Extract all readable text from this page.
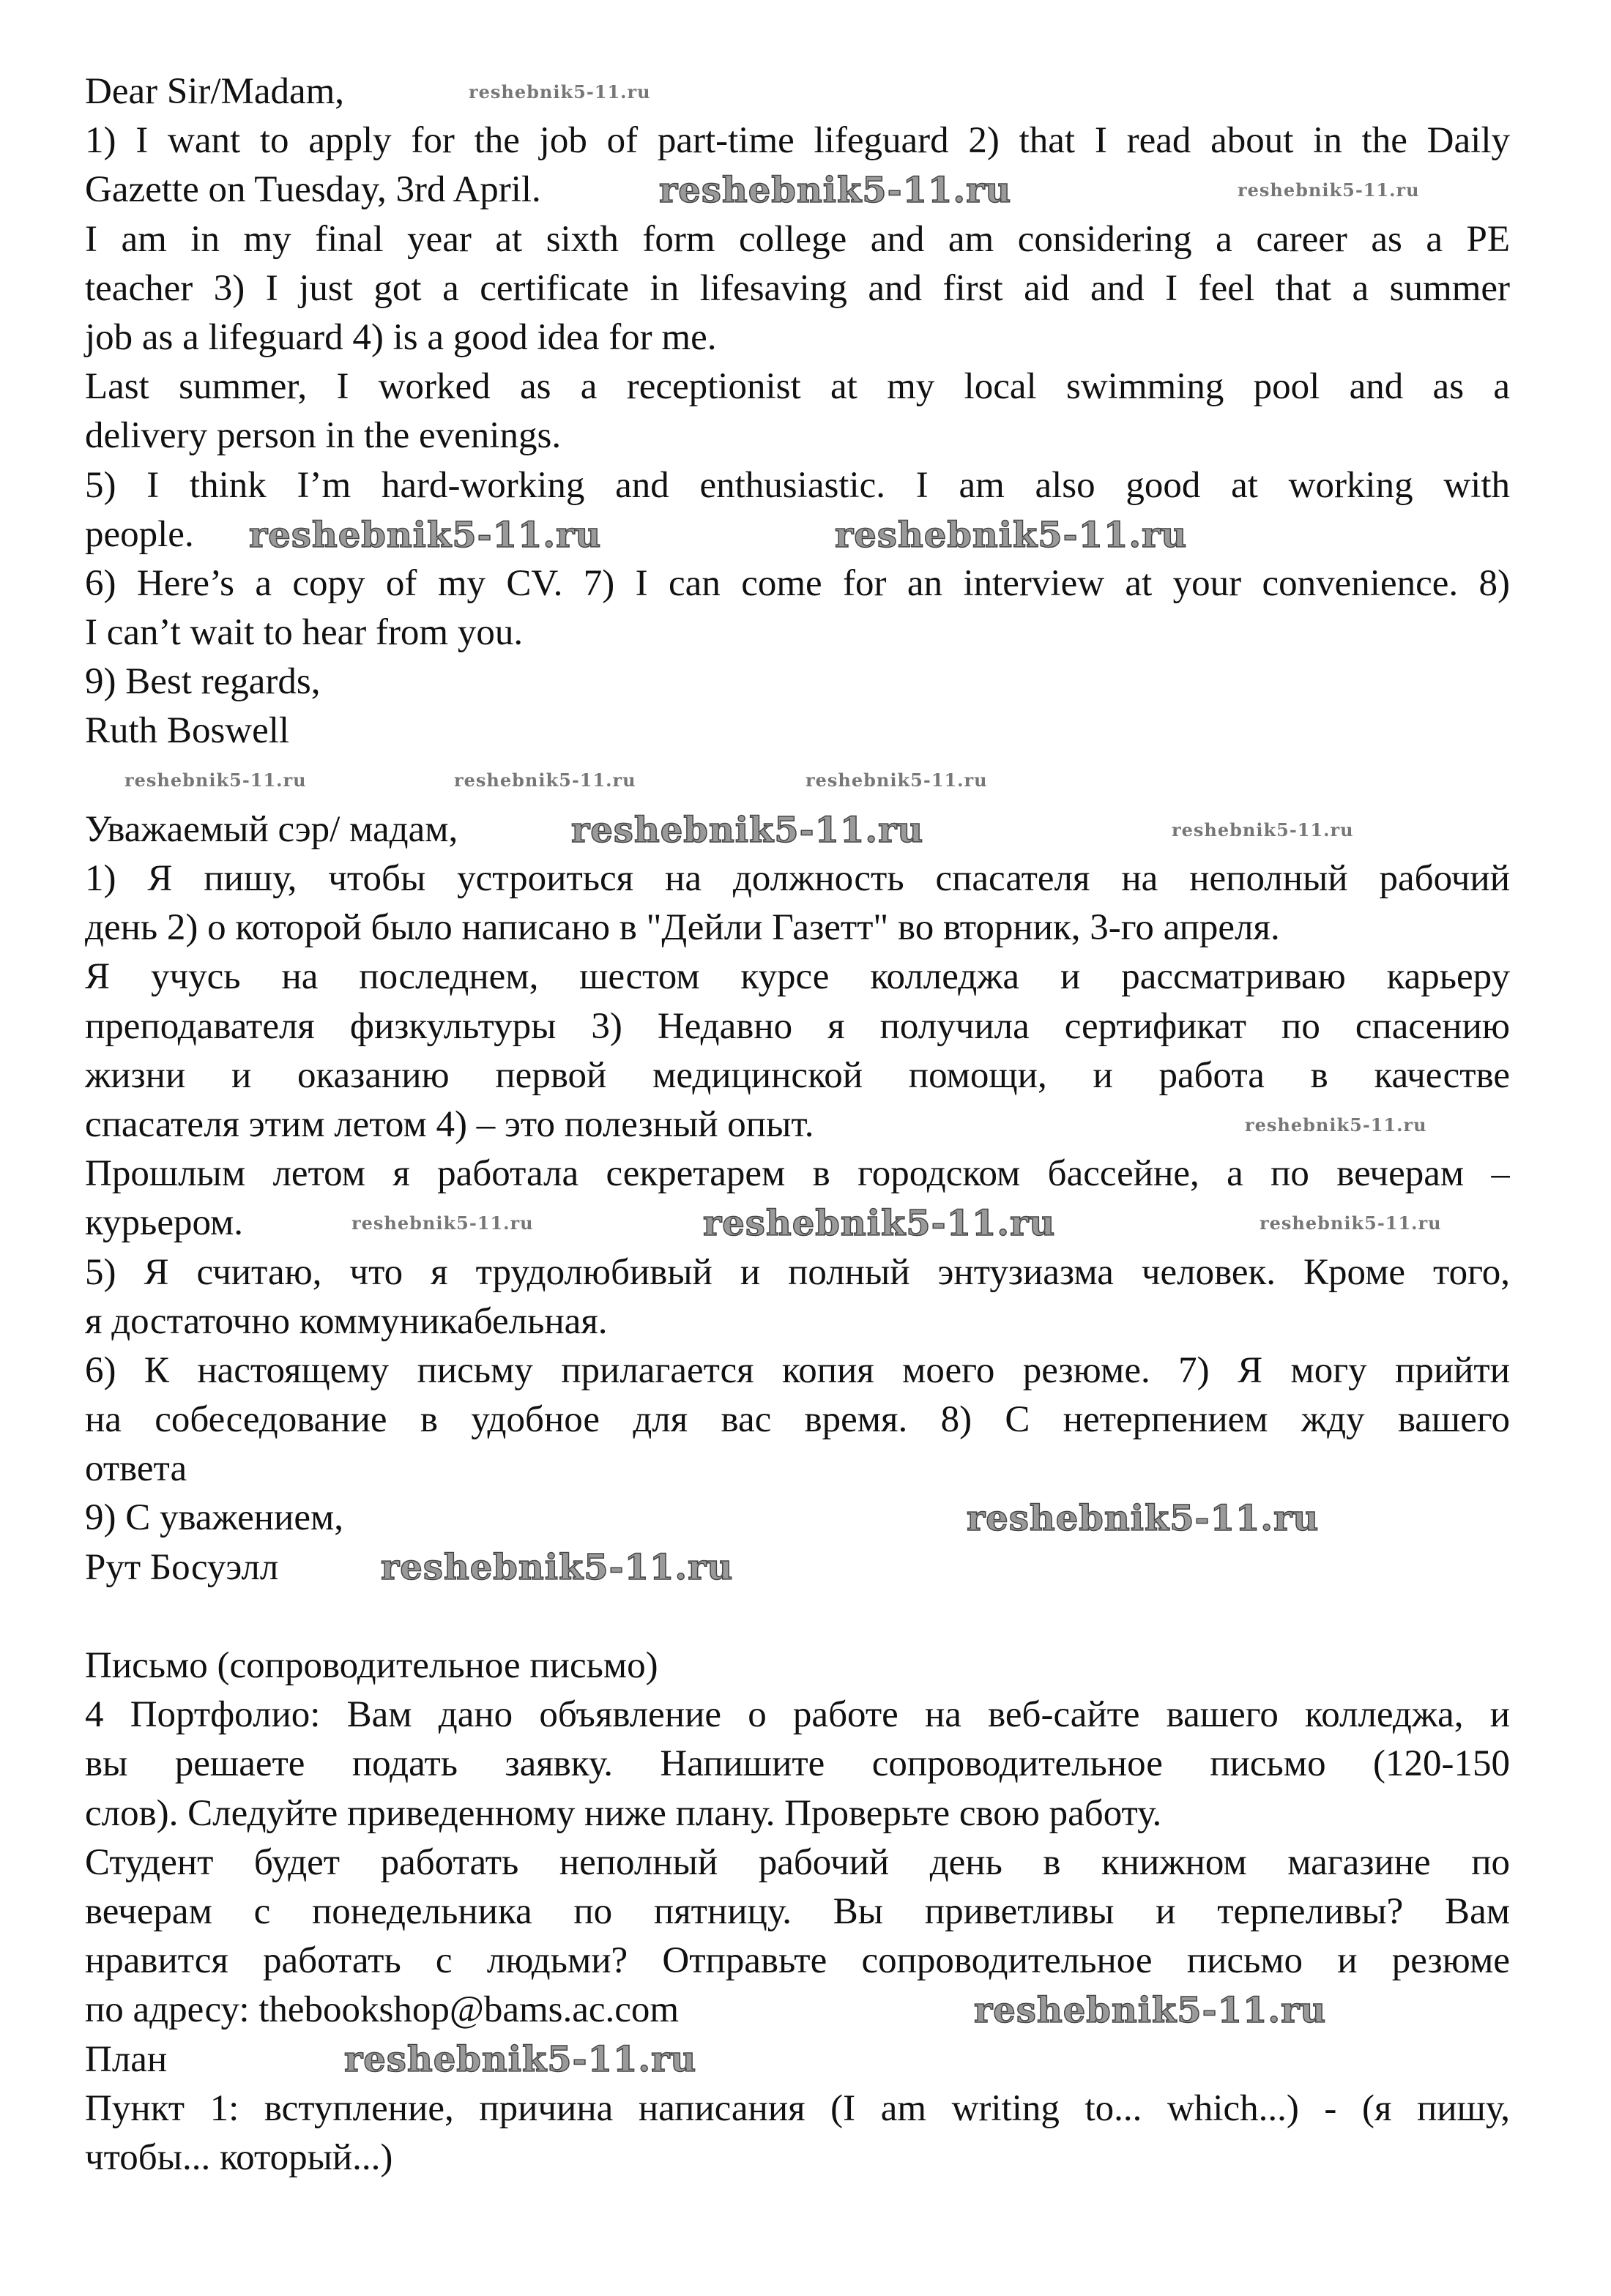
Dear Sir/Madam,
1) I want to apply for the job of part-time lifeguard 2) that I read about in the Daily
Gazette on Tuesday, 3rd April.
I am in my final year at sixth form college and am considering a career as a PE
teacher 3) I just got a certificate in lifesaving and first aid and I feel that a summer
job as a lifeguard 4) is a good idea for me.
Last summer, I worked as a receptionist at my local swimming pool and as a
delivery person in the evenings.
5) I think I’m hard-working and enthusiastic. I am also good at working with
people.
6) Here’s a copy of my CV. 7) I can come for an interview at your convenience. 8)
I can’t wait to hear from you.
9) Best regards,
Ruth Boswell
Уважаемый сэр/ мадам,
1) Я пишу, чтобы устроиться на должность спасателя на неполный рабочий
день 2) о которой было написано в "Дейли Газетт" во вторник, 3-го апреля.
Я учусь на последнем, шестом курсе колледжа и рассматриваю карьеру
преподавателя физкультуры 3) Недавно я получила сертификат по спасению
жизни и оказанию первой медицинской помощи, и работа в качестве
спасателя этим летом 4) – это полезный опыт.
Прошлым летом я работала секретарем в городском бассейне, а по вечерам –
курьером.
5) Я считаю, что я трудолюбивый и полный энтузиазма человек. Кроме того,
я достаточно коммуникабельная.
6) К настоящему письму прилагается копия моего резюме. 7) Я могу прийти
на собеседование в удобное для вас время. 8) С нетерпением жду вашего
ответа
9) С уважением,
Рут Босуэлл
Письмо (сопроводительное письмо)
4 Портфолио: Вам дано объявление о работе на веб-сайте вашего колледжа, и
вы решаете подать заявку. Напишите сопроводительное письмо (120-150
слов). Следуйте приведенному ниже плану. Проверьте свою работу.
Студент будет работать неполный рабочий день в книжном магазине по
вечерам с понедельника по пятницу. Вы приветливы и терпеливы? Вам
нравится работать с людьми? Отправьте сопроводительное письмо и резюме
по адресу: thebookshop@bams.ac.com
План
Пункт 1: вступление, причина написания (I am writing to... which...) - (я пишу,
чтобы... который...)
reshebnik5-11.ru
reshebnik5-11.ru	reshebnik5-11.ru
reshebnik5-11.ru	reshebnik5-11.ru
reshebnik5-11.ru
reshebnik5-11.ru
reshebnik5-11.ru
reshebnik5-11.ru
reshebnik5-11.ru
reshebnik5-11.ru
reshebnik5-11.ru	reshebnik5-11.ru
reshebnik5-11.ru
reshebnik5-11.ru
reshebnik5-11.ru
reshebnik5-11.ru
reshebnik5-11.ru
